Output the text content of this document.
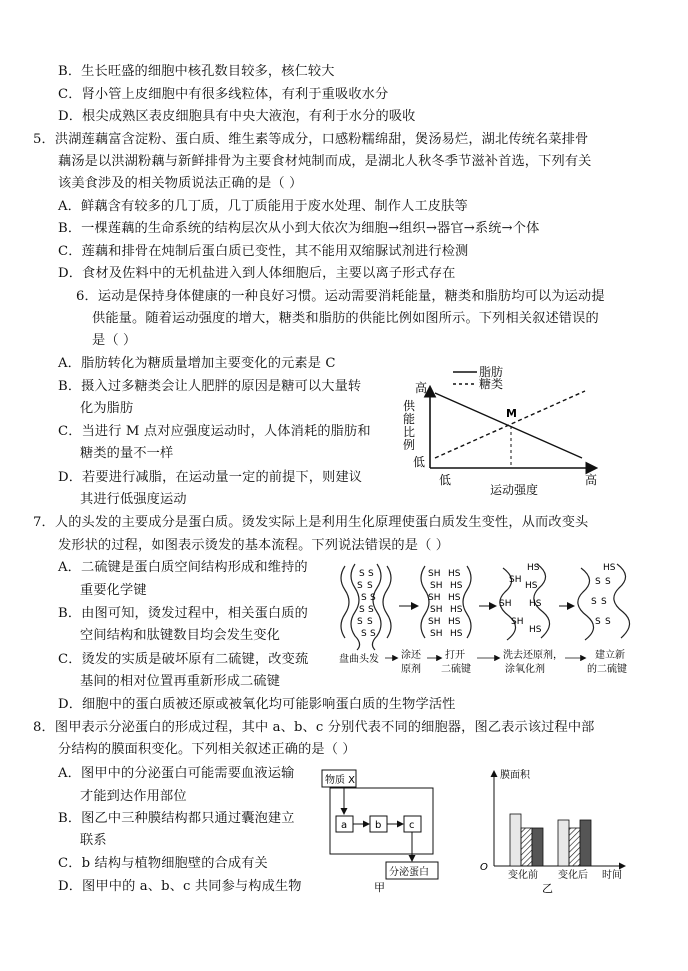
B．生长旺盛的细胞中核孔数目较多，核仁较大
C．肾小管上皮细胞中有很多线粒体，有利于重吸收水分
D．根尖成熟区表皮细胞具有中央大液泡，有利于水分的吸收
5．洪湖莲藕富含淀粉、蛋白质、维生素等成分，口感粉糯绵甜，煲汤易烂，湖北传统名菜排骨
藕汤是以洪湖粉藕与新鲜排骨为主要食材炖制而成，是湖北人秋冬季节滋补首选，下列有关
该美食涉及的相关物质说法正确的是（ ）
A．鲜藕含有较多的几丁质，几丁质能用于废水处理、制作人工皮肤等
B．一棵莲藕的生命系统的结构层次从小到大依次为细胞→组织→器官→系统→个体
C．莲藕和排骨在炖制后蛋白质已变性，其不能用双缩脲试剂进行检测
D．食材及佐料中的无机盐进入到人体细胞后，主要以离子形式存在
6．运动是保持身体健康的一种良好习惯。运动需要消耗能量，糖类和脂肪均可以为运动提
供能量。随着运动强度的增大，糖类和脂肪的供能比例如图所示。下列相关叙述错误的
是（ ）
A．脂肪转化为糖质量增加主要变化的元素是 C
B．摄入过多糖类会让人肥胖的原因是糖可以大量转
化为脂肪
C．当进行 M 点对应强度运动时，人体消耗的脂肪和
糖类的量不一样
D．若要进行减脂，在运动量一定的前提下，则建议
其进行低强度运动
脂肪
糖类
M
高
供
能
比
例
低
低	高
运动强度
7．人的头发的主要成分是蛋白质。烫发实际上是利用生化原理使蛋白质发生变性，从而改变头
发形状的过程，如图表示烫发的基本流程。下列说法错误的是（ ）
A．二硫键是蛋白质空间结构形成和维持的
重要化学键
B．由图可知，烫发过程中，相关蛋白质的
空间结构和肽键数目均会发生变化
C．烫发的实质是破坏原有二硫键，改变巯
基间的相对位置再重新形成二硫键
D．细胞中的蛋白质被还原或被氧化均可能影响蛋白质的生物学活性
S S
S S
S S
S S
S S
S S
SH HS
SH HS
SH HS
SH HS
SH HS
SH HS
HS
SH
HS
SH HS
SH
HS
HS
S S
S S
S S
盘曲头发 涂还
原剂
打开
二硫键
洗去还原剂，
涂氧化剂
建立新
的二硫键
8．图甲表示分泌蛋白的形成过程，其中 a、b、c 分别代表不同的细胞器，图乙表示该过程中部
分结构的膜面积变化。下列相关叙述正确的是（ ）
A．图甲中的分泌蛋白可能需要血液运输
才能到达作用部位
B．图乙中三种膜结构都只通过囊泡建立
联系
C．b 结构与植物细胞壁的合成有关
D．图甲中的 a、b、c 共同参与构成生物
物质 X
a	b	c
分泌蛋白
甲
膜面积
O
变化前 变化后 时间
乙
